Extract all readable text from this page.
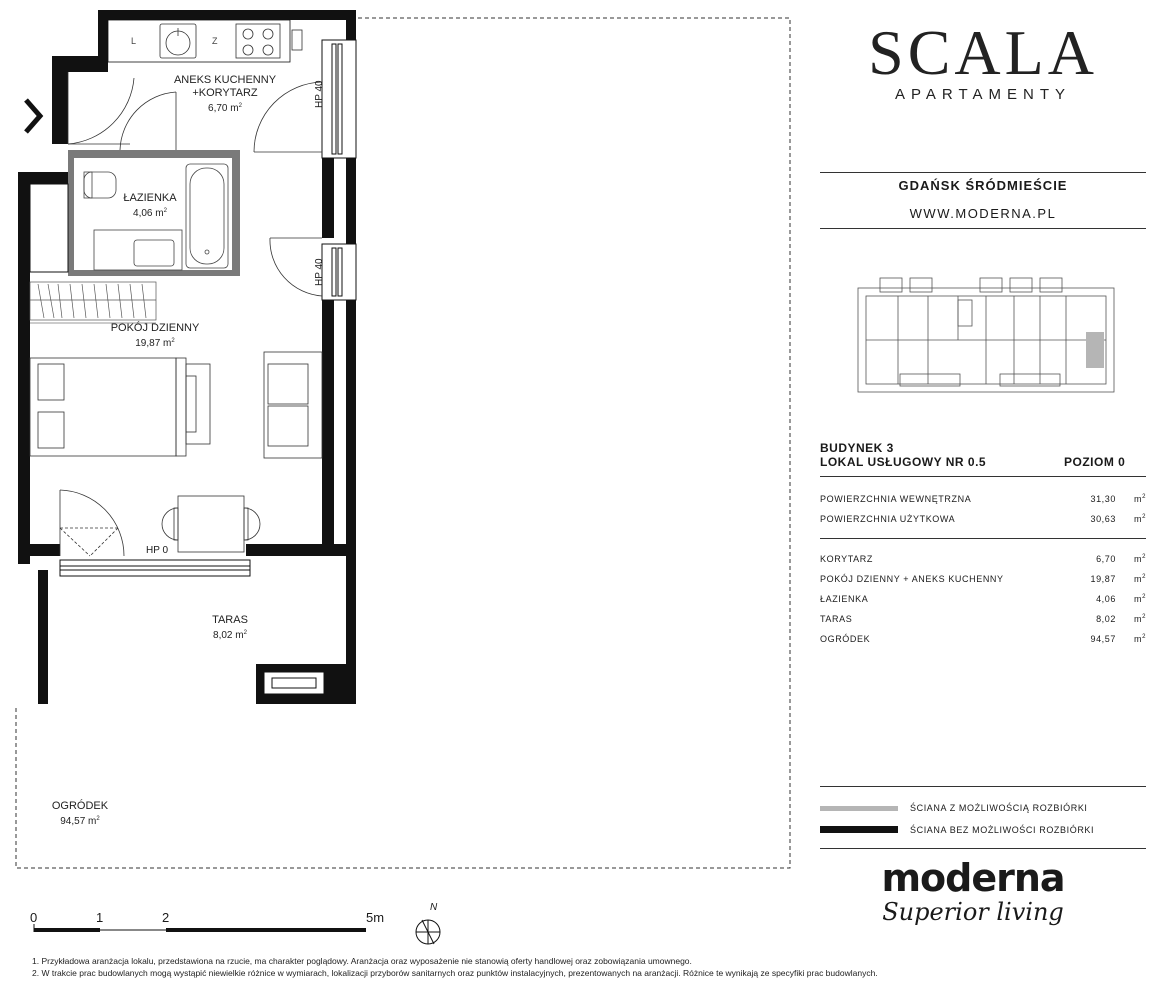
L	Z
ANEKS KUCHENNY
+KORYTARZ

6,70 $m^2$
ŁAZIENKA
4,06 $m^2$
POKÓJ DZIENNY
19,87 $m^2$
TARAS
8,02 $m^2$
OGRÓDEK
94,57 $m^2$
HP 40
HP 40
HP 0
SCALA
APARTAMENTY
GDAŃSK ŚRÓDMIEŚCIE
WWW.MODERNA.PL
BUDYNEK 3
LOKAL USŁUGOWY NR 0.5	POZIOM 0
POWIERZCHNIA WEWNĘTRZNA	31,30 $m^2$
POWIERZCHNIA UŻYTKOWA	30,63 $m^2$
KORYTARZ	6,70 $m^2$
POKÓJ DZIENNY + ANEKS KUCHENNY	19,87 $m^2$
ŁAZIENKA	4,06 $m^2$
TARAS	8,02 $m^2$
OGRÓDEK	94,57 $m^2$
ŚCIANA Z MOŻLIWOŚCIĄ ROZBIÓRKI
ŚCIANA BEZ MOŻLIWOŚCI ROZBIÓRKI
moderna
Superior living
0	1	2	5m
N
1. Przykładowa aranżacja lokalu, przedstawiona na rzucie, ma charakter poglądowy. Aranżacja oraz wyposażenie nie stanowią oferty handlowej oraz zobowiązania umownego.
2. W trakcie prac budowlanych mogą wystąpić niewielkie różnice w wymiarach, lokalizacji przyborów sanitarnych oraz punktów instalacyjnych, prezentowanych na aranżacji. Różnice te wynikają ze specyfiki prac budowlanych.
